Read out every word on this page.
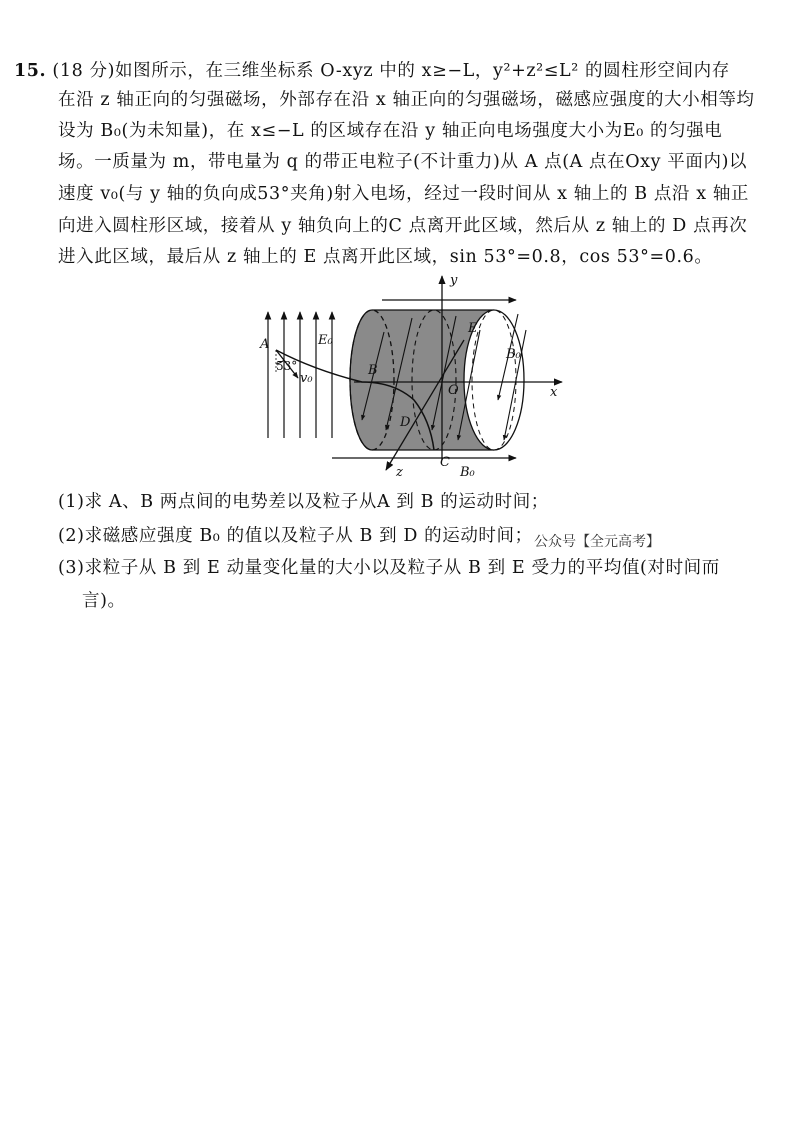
15. (18 分)如图所示，在三维坐标系 O-xyz 中的 x≥−L，y²+z²≤L² 的圆柱形空间内存
在沿 z 轴正向的匀强磁场，外部存在沿 x 轴正向的匀强磁场，磁感应强度的大小相等均
设为 B₀(为未知量)，在 x≤−L 的区域存在沿 y 轴正向电场强度大小为E₀ 的匀强电
场。一质量为 m，带电量为 q 的带正电粒子(不计重力)从 A 点(A 点在Oxy 平面内)以
速度 v₀(与 y 轴的负向成53°夹角)射入电场，经过一段时间从 x 轴上的 B 点沿 x 轴正
向进入圆柱形区域，接着从 y 轴负向上的C 点离开此区域，然后从 z 轴上的 D 点再次
进入此区域，最后从 z 轴上的 E 点离开此区域，sin 53°=0.8，cos 53°=0.6。
y
x
z
A
B
C
D
E
O
E₀
B₀
B₀
53°
v₀
(1)求 A、B 两点间的电势差以及粒子从A 到 B 的运动时间；
(2)求磁感应强度 B₀ 的值以及粒子从 B 到 D 的运动时间；
(3)求粒子从 B 到 E 动量变化量的大小以及粒子从 B 到 E 受力的平均值(对时间而
言)。
公众号【全元高考】
